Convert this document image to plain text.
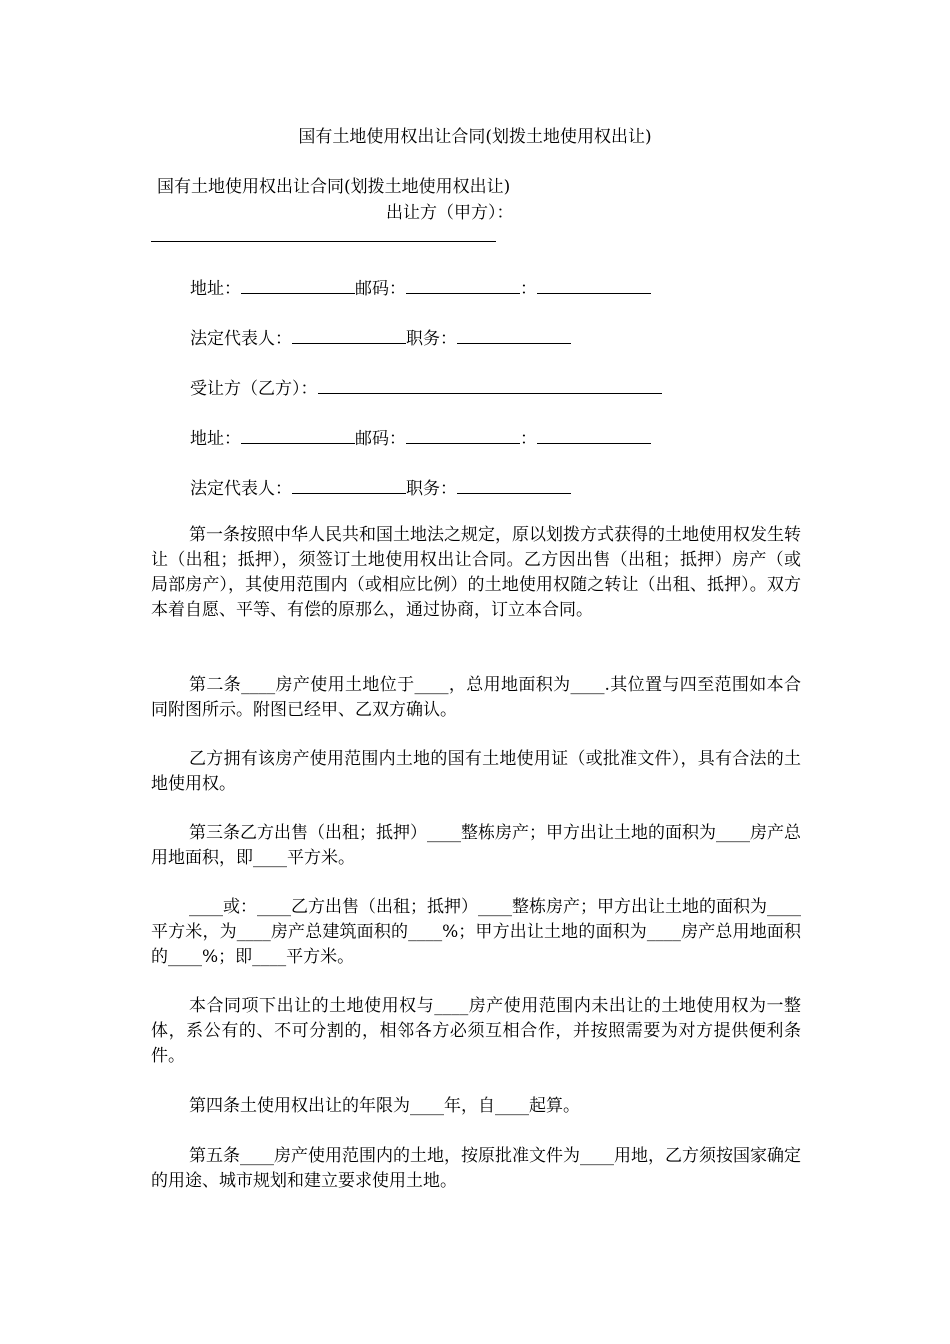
国有土地使用权出让合同(划拨土地使用权出让)
国有土地使用权出让合同(划拨土地使用权出让)
出让方（甲方）：
地址：	邮码：	：
法定代表人：	职务：
受让方（乙方）：
地址：	邮码：	：
法定代表人：	职务：

第一条按照中华人民共和国土地法之规定，原以划拨方式获得的土地使用权发生转让（出租；抵押），须签订土地使用权出让合同。乙方因出售（出租；抵押）房产（或局部房产），其使用范围内（或相应比例）的土地使用权随之转让（出租、抵押）。双方本着自愿、平等、有偿的原那么，通过协商，订立本合同。

第二条____房产使用土地位于____，总用地面积为____.其位置与四至范围如本合同附图所示。附图已经甲、乙双方确认。

乙方拥有该房产使用范围内土地的国有土地使用证（或批准文件），具有合法的土地使用权。

第三条乙方出售（出租；抵押）____整栋房产；甲方出让土地的面积为____房产总用地面积，即____平方米。

____或：____乙方出售（出租；抵押）____整栋房产；甲方出让土地的面积为____平方米，为____房产总建筑面积的____%；甲方出让土地的面积为____房产总用地面积的____%；即____平方米。

本合同项下出让的土地使用权与____房产使用范围内未出让的土地使用权为一整体，系公有的、不可分割的，相邻各方必须互相合作，并按照需要为对方提供便利条件。

第四条土使用权出让的年限为____年，自____起算。

第五条____房产使用范围内的土地，按原批准文件为____用地，乙方须按国家确定的用途、城市规划和建立要求使用土地。
